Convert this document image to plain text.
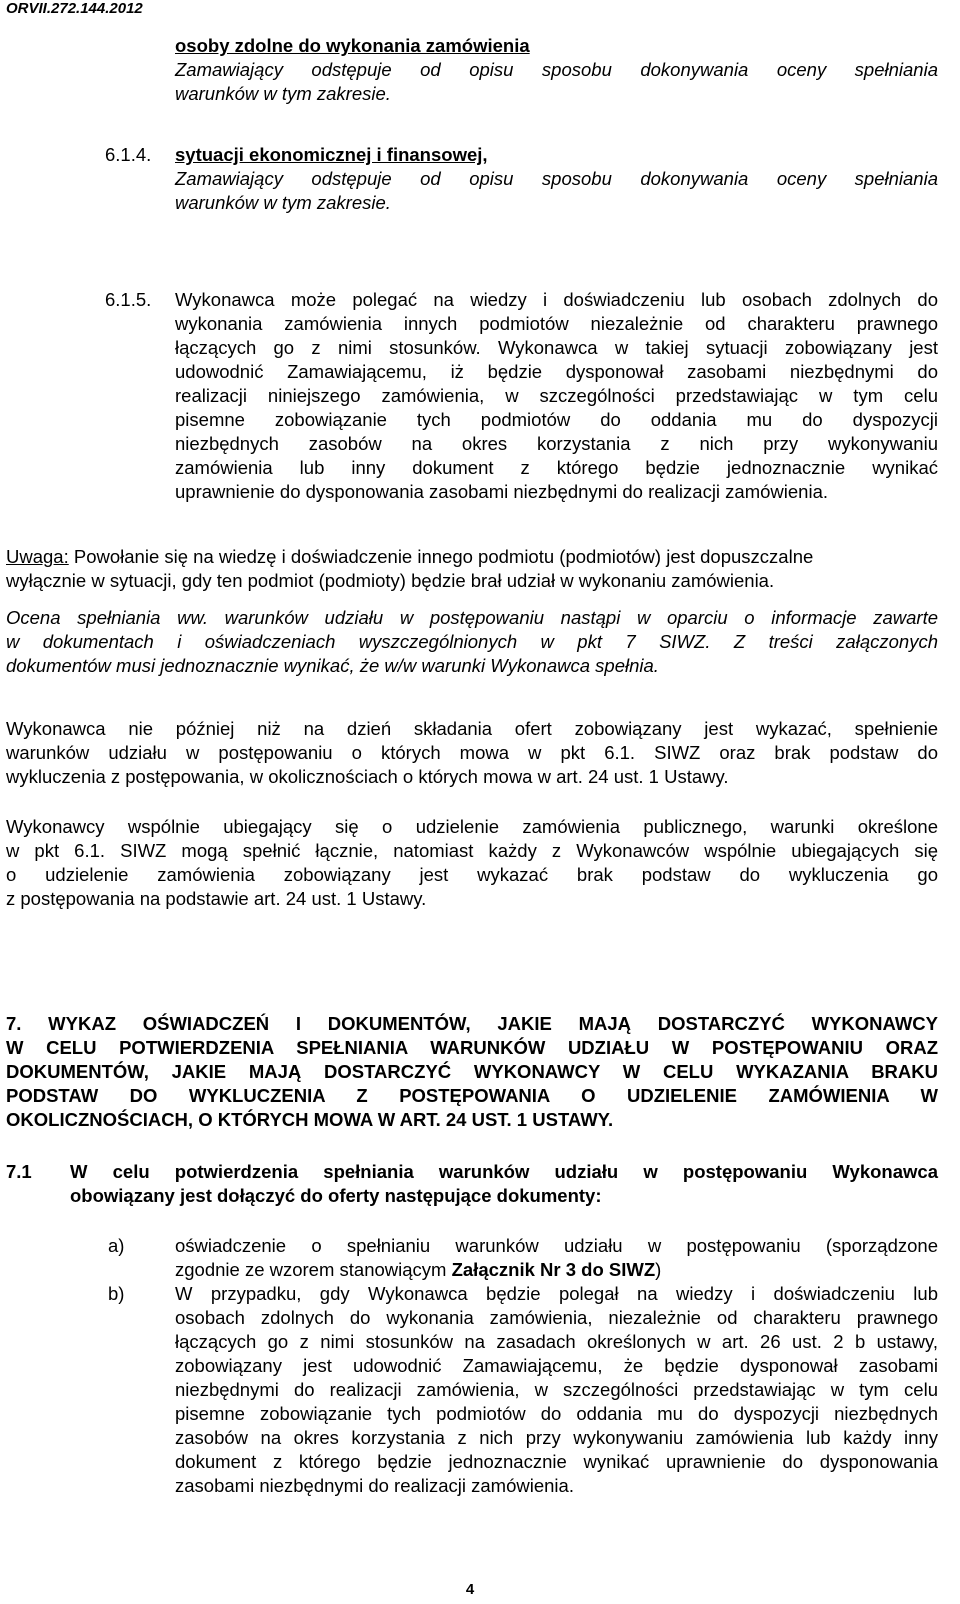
ORVII.272.144.2012

osoby zdolne do wykonania zamówienia

Zamawiający odstępuje od opisu sposobu dokonywania oceny spełniania

warunków w tym zakresie.

6.1.4. sytuacji ekonomicznej i finansowej,

Zamawiający odstępuje od opisu sposobu dokonywania oceny spełniania

warunków w tym zakresie.

6.1.5. Wykonawca może polegać na wiedzy i doświadczeniu lub osobach zdolnych do

wykonania zamówienia innych podmiotów niezależnie od charakteru prawnego

łączących go z nimi stosunków. Wykonawca w takiej sytuacji zobowiązany jest

udowodnić Zamawiającemu, iż będzie dysponował zasobami niezbędnymi do

realizacji niniejszego zamówienia, w szczególności przedstawiając w tym celu

pisemne zobowiązanie tych podmiotów do oddania mu do dyspozycji

niezbędnych zasobów na okres korzystania z nich przy wykonywaniu

zamówienia lub inny dokument z którego będzie jednoznacznie wynikać

uprawnienie do dysponowania zasobami niezbędnymi do realizacji zamówienia.

Uwaga: Powołanie się na wiedzę i doświadczenie innego podmiotu (podmiotów) jest dopuszczalne

wyłącznie w sytuacji, gdy ten podmiot (podmioty) będzie brał udział w wykonaniu zamówienia.

Ocena spełniania ww. warunków udziału w postępowaniu nastąpi w oparciu o informacje zawarte

w dokumentach i oświadczeniach wyszczególnionych w pkt 7 SIWZ. Z treści załączonych

dokumentów musi jednoznacznie wynikać, że w/w warunki Wykonawca spełnia.

Wykonawca nie później niż na dzień składania ofert zobowiązany jest wykazać, spełnienie

warunków udziału w postępowaniu o których mowa w pkt 6.1. SIWZ oraz brak podstaw do

wykluczenia z postępowania, w okolicznościach o których mowa w art. 24 ust. 1 Ustawy.

Wykonawcy wspólnie ubiegający się o udzielenie zamówienia publicznego, warunki określone

w pkt 6.1. SIWZ mogą spełnić łącznie, natomiast każdy z Wykonawców wspólnie ubiegających się

o udzielenie zamówienia zobowiązany jest wykazać brak podstaw do wykluczenia go

z postępowania na podstawie art. 24 ust. 1 Ustawy.

7. WYKAZ OŚWIADCZEŃ I DOKUMENTÓW, JAKIE MAJĄ DOSTARCZYĆ WYKONAWCY

W CELU POTWIERDZENIA SPEŁNIANIA WARUNKÓW UDZIAŁU W POSTĘPOWANIU ORAZ

DOKUMENTÓW, JAKIE MAJĄ DOSTARCZYĆ WYKONAWCY W CELU WYKAZANIA BRAKU

PODSTAW DO WYKLUCZENIA Z POSTĘPOWANIA O UDZIELENIE ZAMÓWIENIA W

OKOLICZNOŚCIACH, O KTÓRYCH MOWA W ART. 24 UST. 1 USTAWY.

7.1 W celu potwierdzenia spełniania warunków udziału w postępowaniu Wykonawca

obowiązany jest dołączyć do oferty następujące dokumenty:

a)	oświadczenie o spełnianiu warunków udziału w postępowaniu (sporządzone

zgodnie ze wzorem stanowiącym Załącznik Nr 3 do SIWZ)

b)	W przypadku, gdy Wykonawca będzie polegał na wiedzy i doświadczeniu lub

osobach zdolnych do wykonania zamówienia, niezależnie od charakteru prawnego

łączących go z nimi stosunków na zasadach określonych w art. 26 ust. 2 b ustawy,

zobowiązany jest udowodnić Zamawiającemu, że będzie dysponował zasobami

niezbędnymi do realizacji zamówienia, w szczególności przedstawiając w tym celu

pisemne zobowiązanie tych podmiotów do oddania mu do dyspozycji niezbędnych

zasobów na okres korzystania z nich przy wykonywaniu zamówienia lub każdy inny

dokument z którego będzie jednoznacznie wynikać uprawnienie do dysponowania

zasobami niezbędnymi do realizacji zamówienia.

4
